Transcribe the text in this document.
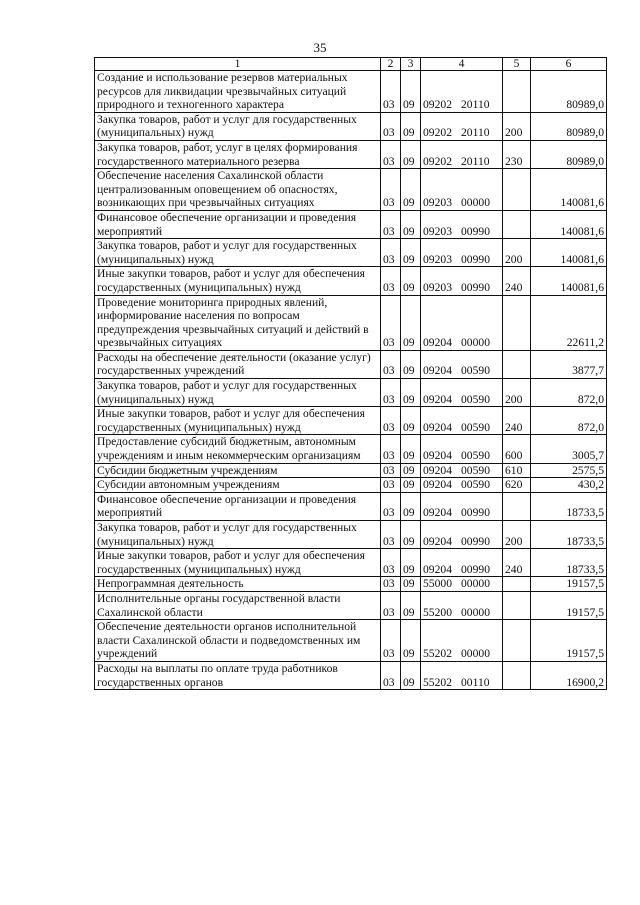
35
1	2	3	4	5	6
Создание и использование резервов материальных ресурсов для ликвидации чрезвычайных ситуаций природного и техногенного характера	03	09	09202 20110		80989,0
Закупка товаров, работ и услуг для государственных (муниципальных) нужд	03	09	09202 20110	200	80989,0
Закупка товаров, работ, услуг в целях формирования государственного материального резерва	03	09	09202 20110	230	80989,0
Обеспечение населения Сахалинской области централизованным оповещением об опасностях, возникающих при чрезвычайных ситуациях	03	09	09203 00000		140081,6
Финансовое обеспечение организации и проведения мероприятий	03	09	09203 00990		140081,6
Закупка товаров, работ и услуг для государственных (муниципальных) нужд	03	09	09203 00990	200	140081,6
Иные закупки товаров, работ и услуг для обеспечения государственных (муниципальных) нужд	03	09	09203 00990	240	140081,6
Проведение мониторинга природных явлений, информирование населения по вопросам предупреждения чрезвычайных ситуаций и действий в чрезвычайных ситуациях	03	09	09204 00000		22611,2
Расходы на обеспечение деятельности (оказание услуг) государственных учреждений	03	09	09204 00590		3877,7
Закупка товаров, работ и услуг для государственных (муниципальных) нужд	03	09	09204 00590	200	872,0
Иные закупки товаров, работ и услуг для обеспечения государственных (муниципальных) нужд	03	09	09204 00590	240	872,0
Предоставление субсидий бюджетным, автономным учреждениям и иным некоммерческим организациям	03	09	09204 00590	600	3005,7
Субсидии бюджетным учреждениям	03	09	09204 00590	610	2575,5
Субсидии автономным учреждениям	03	09	09204 00590	620	430,2
Финансовое обеспечение организации и проведения мероприятий	03	09	09204 00990		18733,5
Закупка товаров, работ и услуг для государственных (муниципальных) нужд	03	09	09204 00990	200	18733,5
Иные закупки товаров, работ и услуг для обеспечения государственных (муниципальных) нужд	03	09	09204 00990	240	18733,5
Непрограммная деятельность	03	09	55000 00000		19157,5
Исполнительные органы государственной власти Сахалинской области	03	09	55200 00000		19157,5
Обеспечение деятельности органов исполнительной власти Сахалинской области и подведомственных им учреждений	03	09	55202 00000		19157,5
Расходы на выплаты по оплате труда работников государственных органов	03	09	55202 00110		16900,2
